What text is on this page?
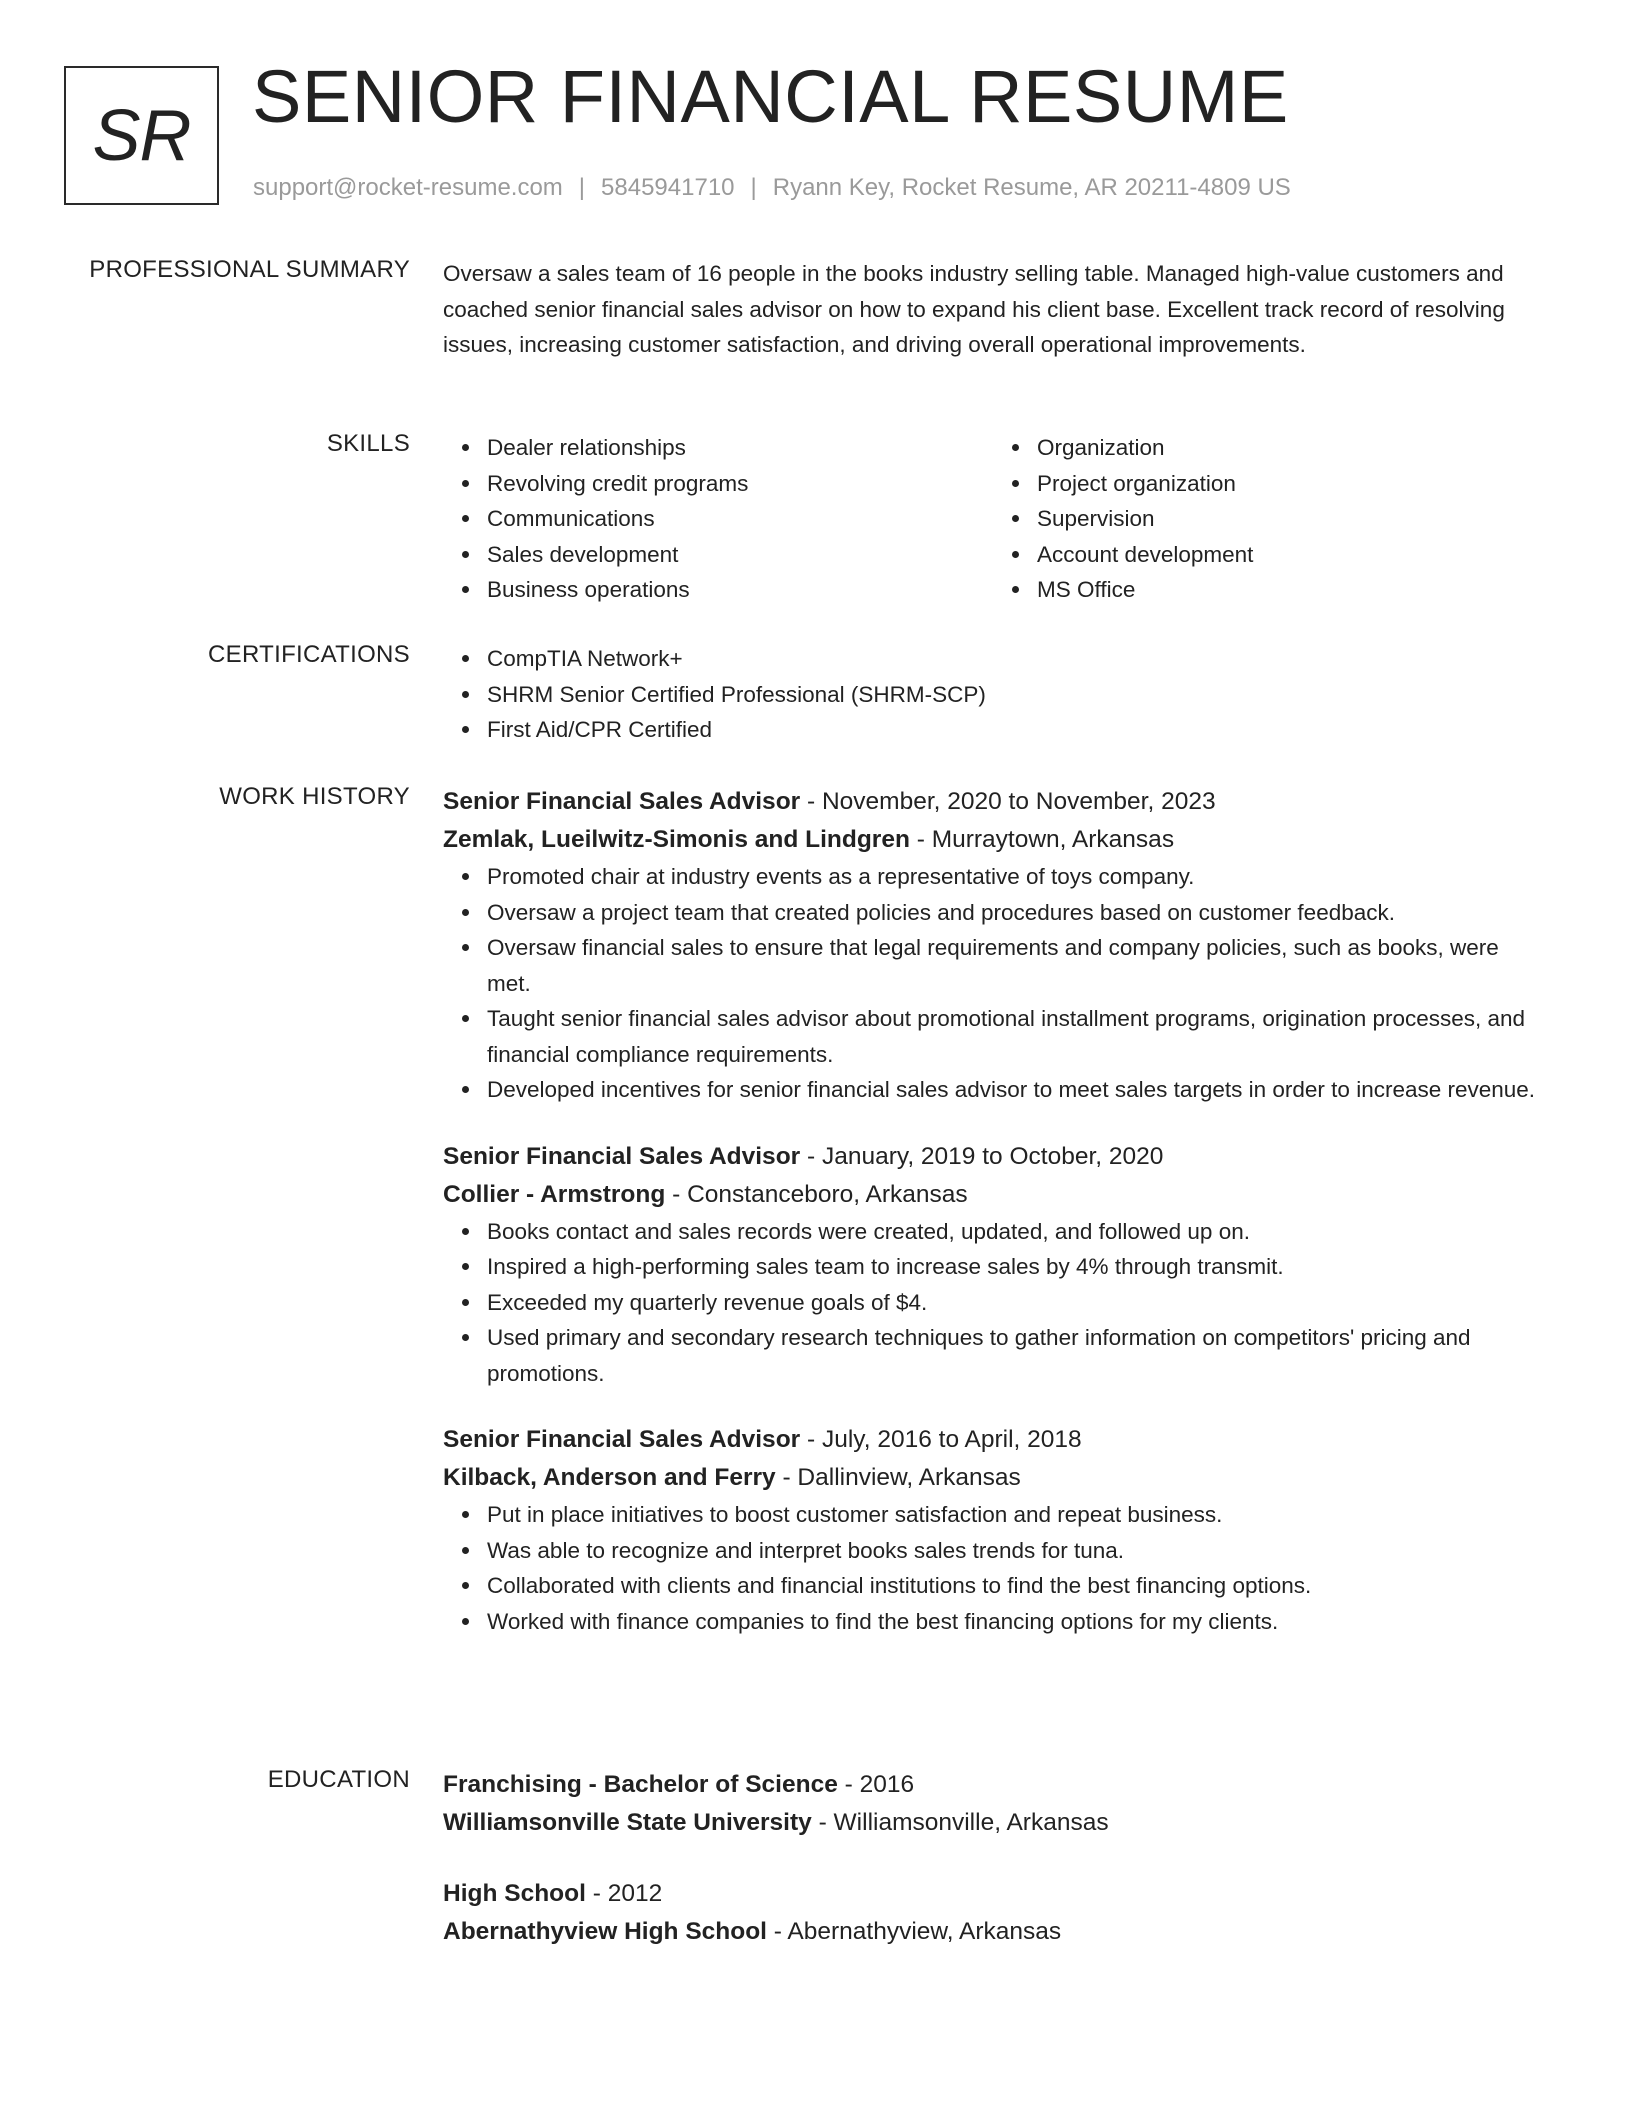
SR SENIOR FINANCIAL RESUME
support@rocket-resume.com | 5845941710 | Ryann Key, Rocket Resume, AR 20211-4809 US
PROFESSIONAL SUMMARY Oversaw a sales team of 16 people in the books industry selling table. Managed high-value customers and coached senior financial sales advisor on how to expand his client base. Excellent track record of resolving issues, increasing customer satisfaction, and driving overall operational improvements.

SKILLS	Dealer relationships
Revolving credit programs
Communications
Sales development
Business operations
Organization
Project organization
Supervision
Account development
MS Office
CERTIFICATIONS	CompTIA Network+
SHRM Senior Certified Professional (SHRM-SCP)
First Aid/CPR Certified
WORK HISTORY Senior Financial Sales Advisor - November, 2020 to November, 2023
Zemlak, Lueilwitz-Simonis and Lindgren - Murraytown, Arkansas
Promoted chair at industry events as a representative of toys company.
Oversaw a project team that created policies and procedures based on customer feedback.
Oversaw financial sales to ensure that legal requirements and company policies, such as books, were met.
Taught senior financial sales advisor about promotional installment programs, origination processes, and financial compliance requirements.
Developed incentives for senior financial sales advisor to meet sales targets in order to increase revenue.
Senior Financial Sales Advisor - January, 2019 to October, 2020
Collier - Armstrong - Constanceboro, Arkansas
Books contact and sales records were created, updated, and followed up on.
Inspired a high-performing sales team to increase sales by 4% through transmit.
Exceeded my quarterly revenue goals of $4.
Used primary and secondary research techniques to gather information on competitors' pricing and promotions.
Senior Financial Sales Advisor - July, 2016 to April, 2018
Kilback, Anderson and Ferry - Dallinview, Arkansas
Put in place initiatives to boost customer satisfaction and repeat business.
Was able to recognize and interpret books sales trends for tuna.
Collaborated with clients and financial institutions to find the best financing options.
Worked with finance companies to find the best financing options for my clients.
EDUCATION Franchising - Bachelor of Science - 2016
Williamsonville State University - Williamsonville, Arkansas
High School - 2012
Abernathyview High School - Abernathyview, Arkansas
